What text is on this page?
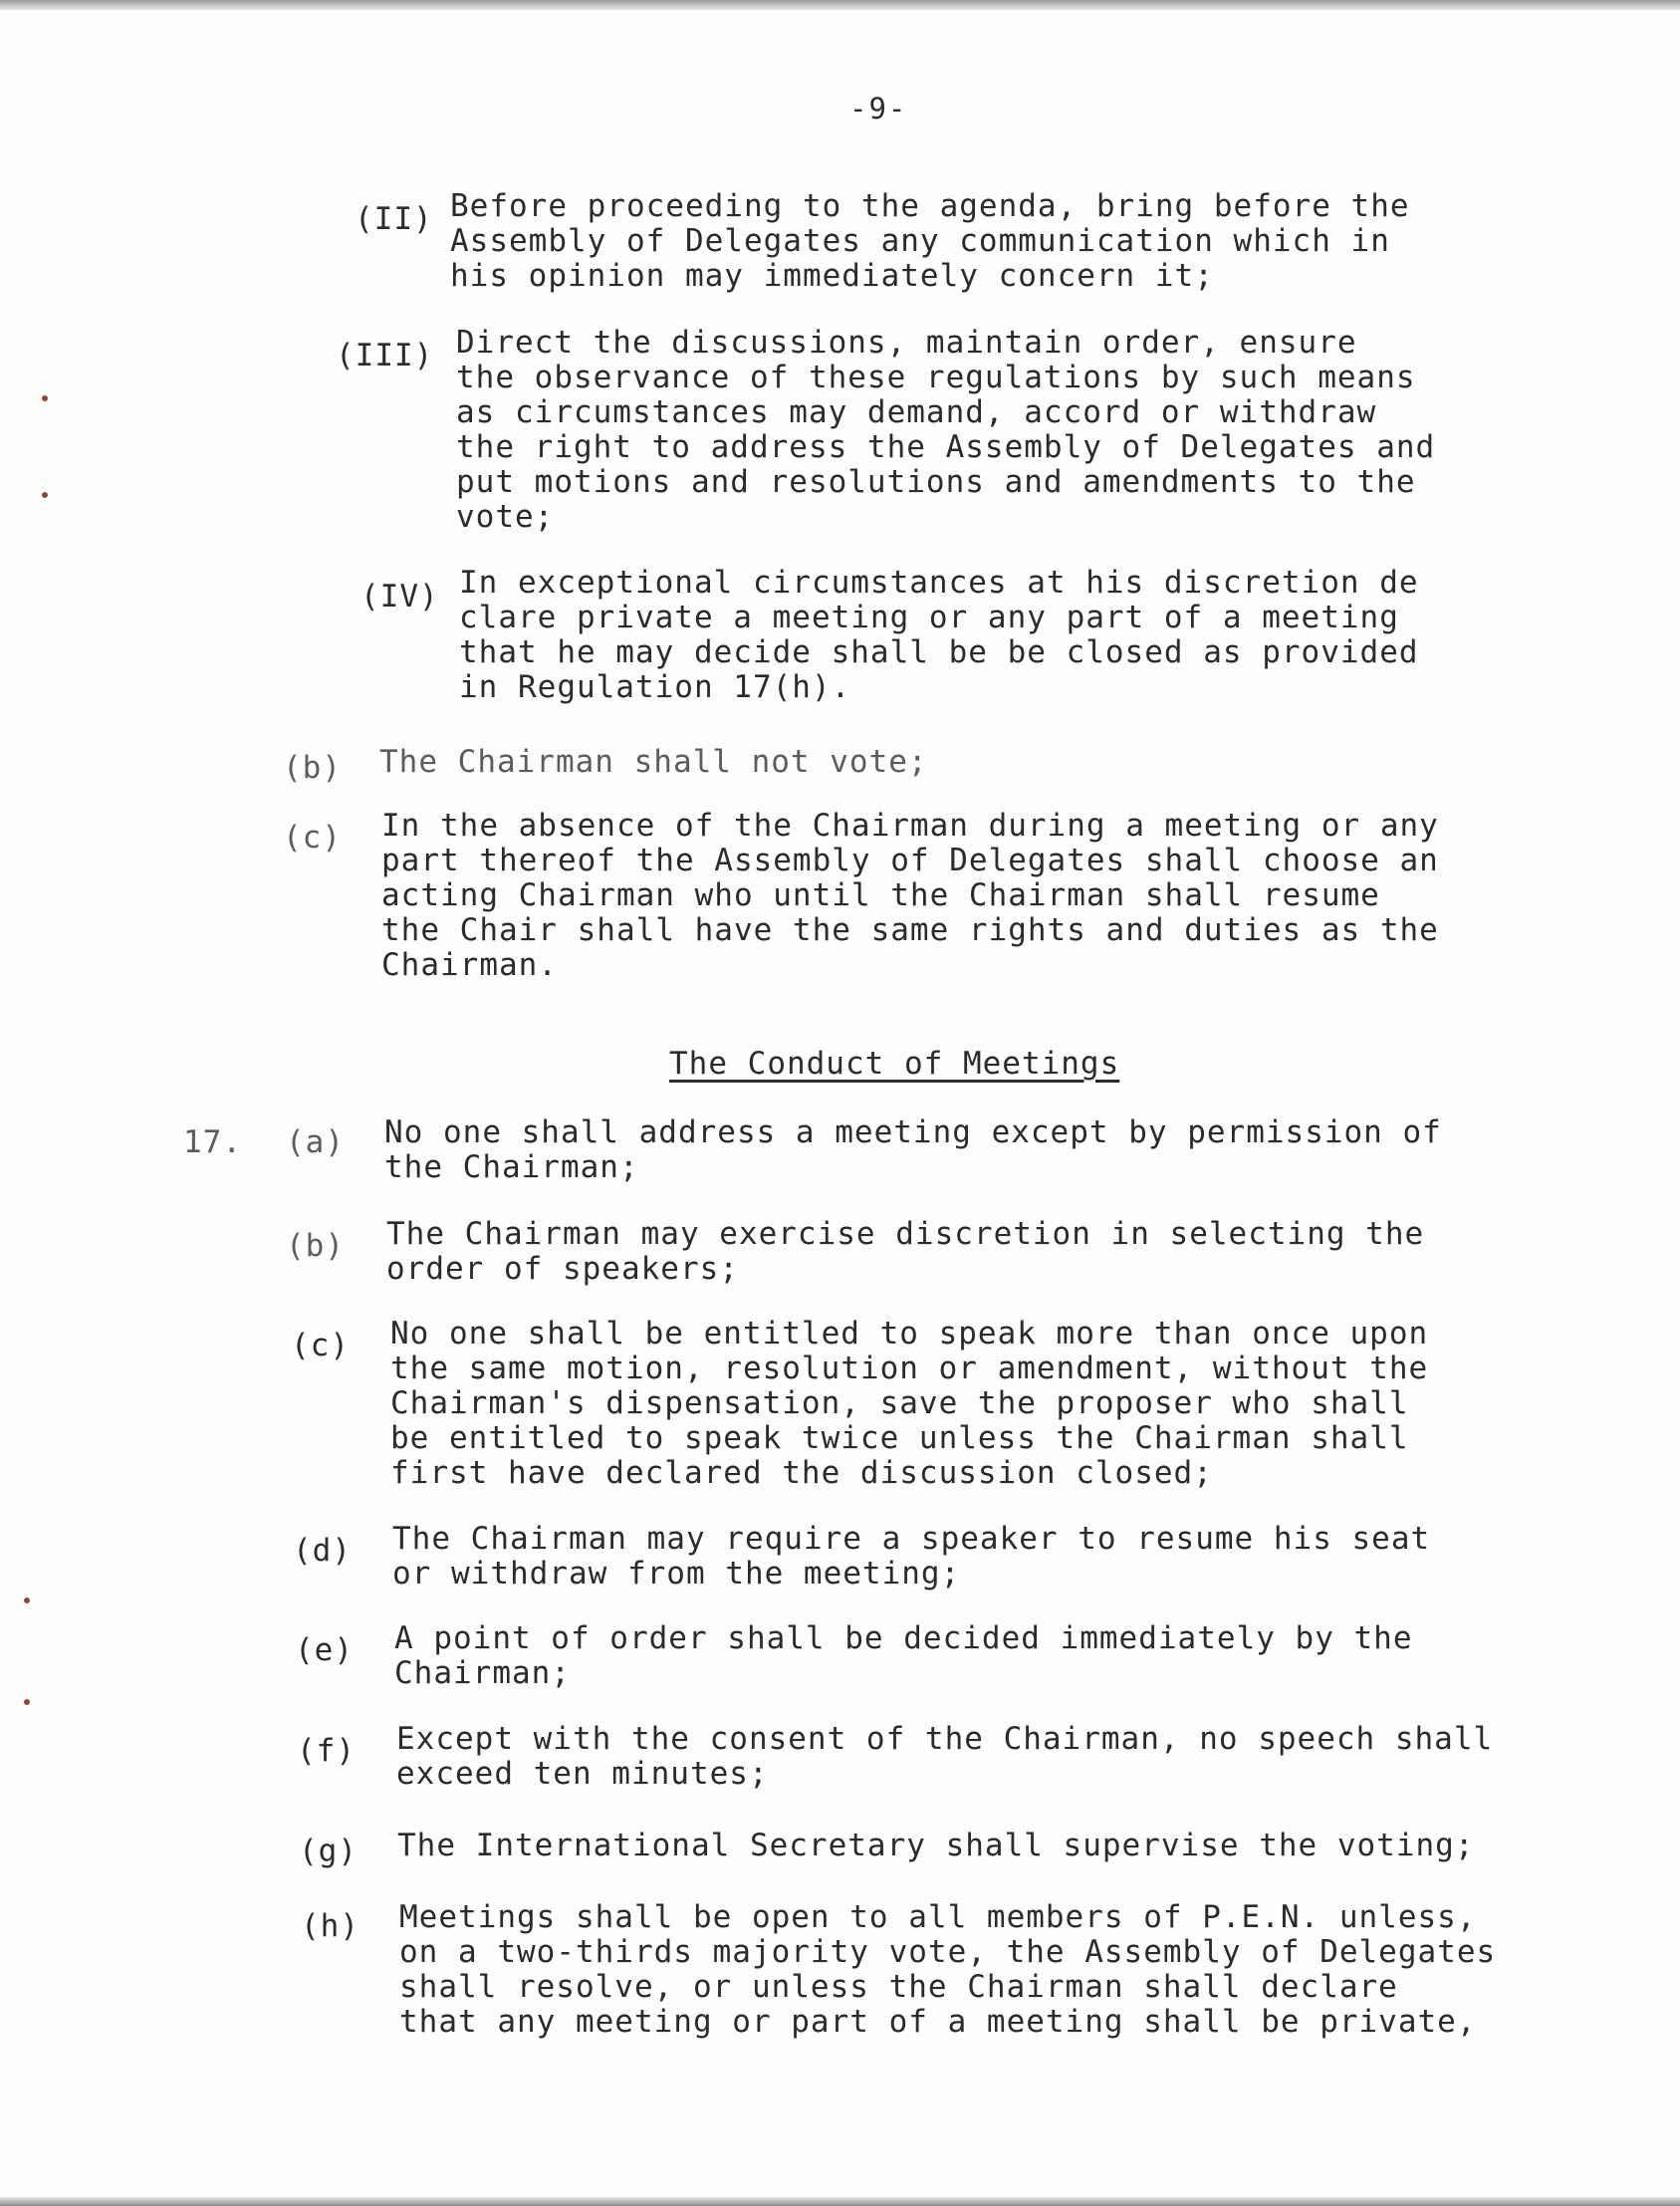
-9-
(II) Before proceeding to the agenda, bring before the
Assembly of Delegates any communication which in
his opinion may immediately concern it;
(III) Direct the discussions, maintain order, ensure
the observance of these regulations by such means
as circumstances may demand, accord or withdraw
the right to address the Assembly of Delegates and
put motions and resolutions and amendments to the
vote;
(IV) In exceptional circumstances at his discretion de
clare private a meeting or any part of a meeting
that he may decide shall be be closed as provided
in Regulation 17(h).
(b) The Chairman shall not vote;
(c) In the absence of the Chairman during a meeting or any
part thereof the Assembly of Delegates shall choose an
acting Chairman who until the Chairman shall resume
the Chair shall have the same rights and duties as the
Chairman.
The Conduct of Meetings
17. (a) No one shall address a meeting except by permission of
the Chairman;
(b) The Chairman may exercise discretion in selecting the
order of speakers;
(c) No one shall be entitled to speak more than once upon
the same motion, resolution or amendment, without the
Chairman's dispensation, save the proposer who shall
be entitled to speak twice unless the Chairman shall
first have declared the discussion closed;
(d) The Chairman may require a speaker to resume his seat
or withdraw from the meeting;
(e) A point of order shall be decided immediately by the
Chairman;
(f) Except with the consent of the Chairman, no speech shall
exceed ten minutes;
(g) The International Secretary shall supervise the voting;
(h) Meetings shall be open to all members of P.E.N. unless,
on a two-thirds majority vote, the Assembly of Delegates
shall resolve, or unless the Chairman shall declare
that any meeting or part of a meeting shall be private,
